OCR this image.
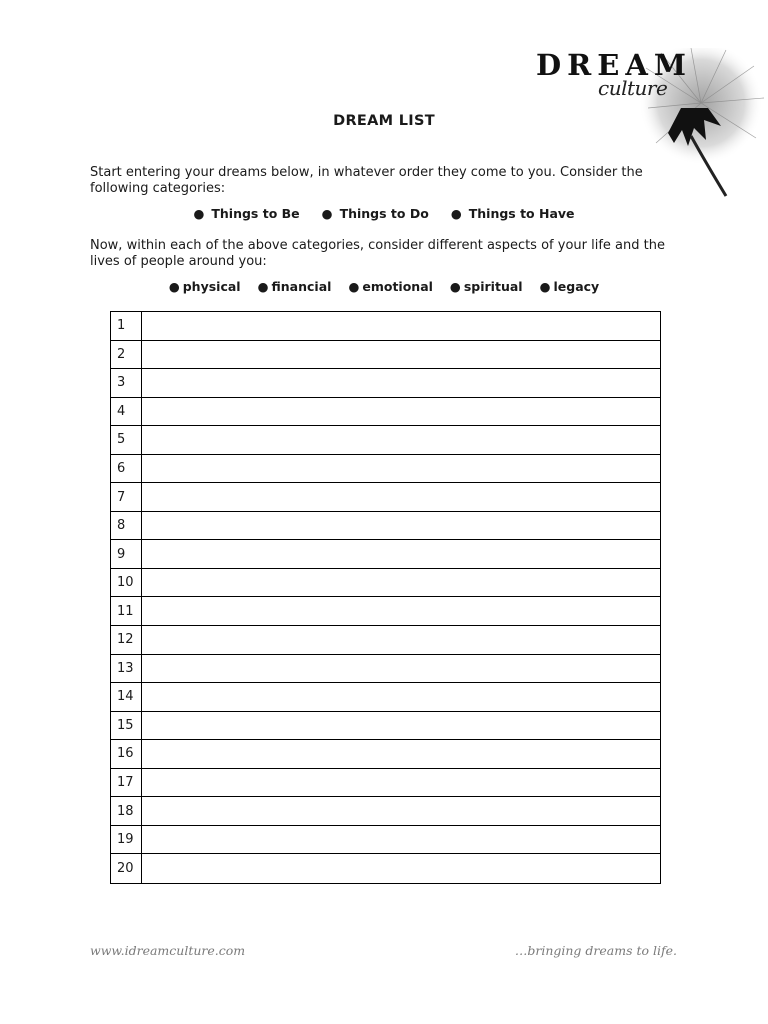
DREAM
culture
DREAM LIST
Start entering your dreams below, in whatever order they come to you. Consider the following categories:
● Things to Be ● Things to Do ● Things to Have
Now, within each of the above categories, consider different aspects of your life and the lives of people around you:
● physical ● financial ● emotional ● spiritual ● legacy
1
2
3
4
5
6
7
8
9
10
11
12
13
14
15
16
17
18
19
20
www.idreamculture.com	…bringing dreams to life.
